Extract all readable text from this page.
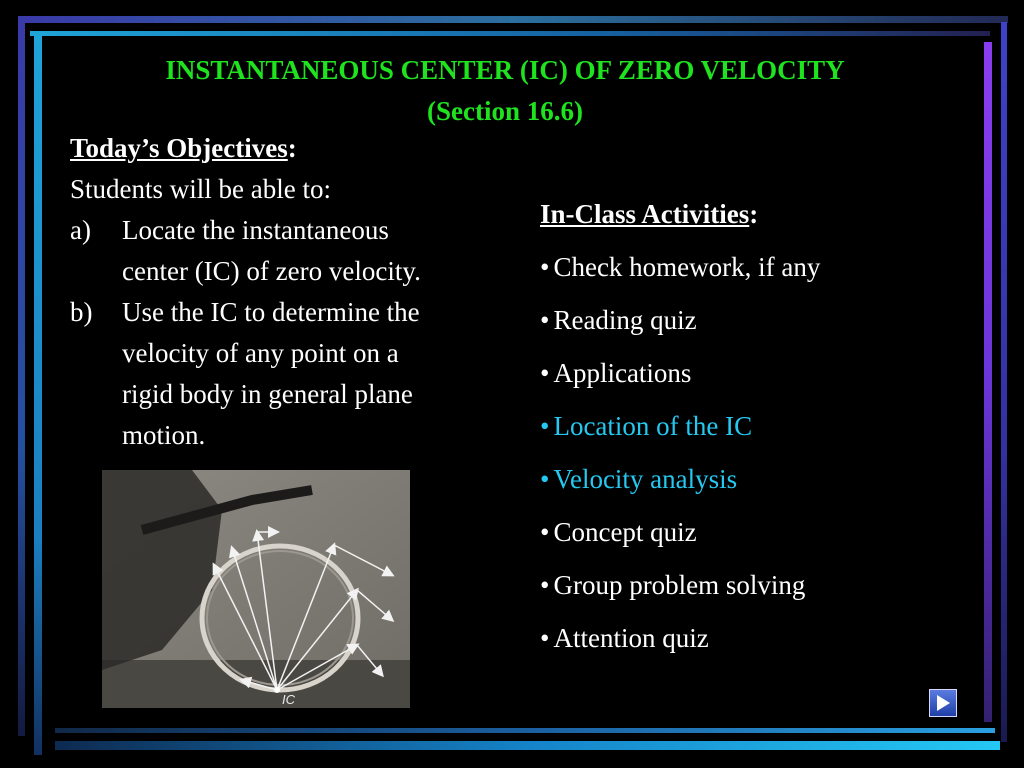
INSTANTANEOUS CENTER (IC) OF ZERO VELOCITY
(Section 16.6)
Today’s Objectives:
Students will be able to:
a) Locate the instantaneous
center (IC) of zero velocity.
b) Use the IC to determine the
velocity of any point on a
rigid body in general plane
motion.
In-Class Activities:
• Check homework, if any
• Reading quiz
• Applications
• Location of the IC
• Velocity analysis
• Concept quiz
• Group problem solving
• Attention quiz
IC
